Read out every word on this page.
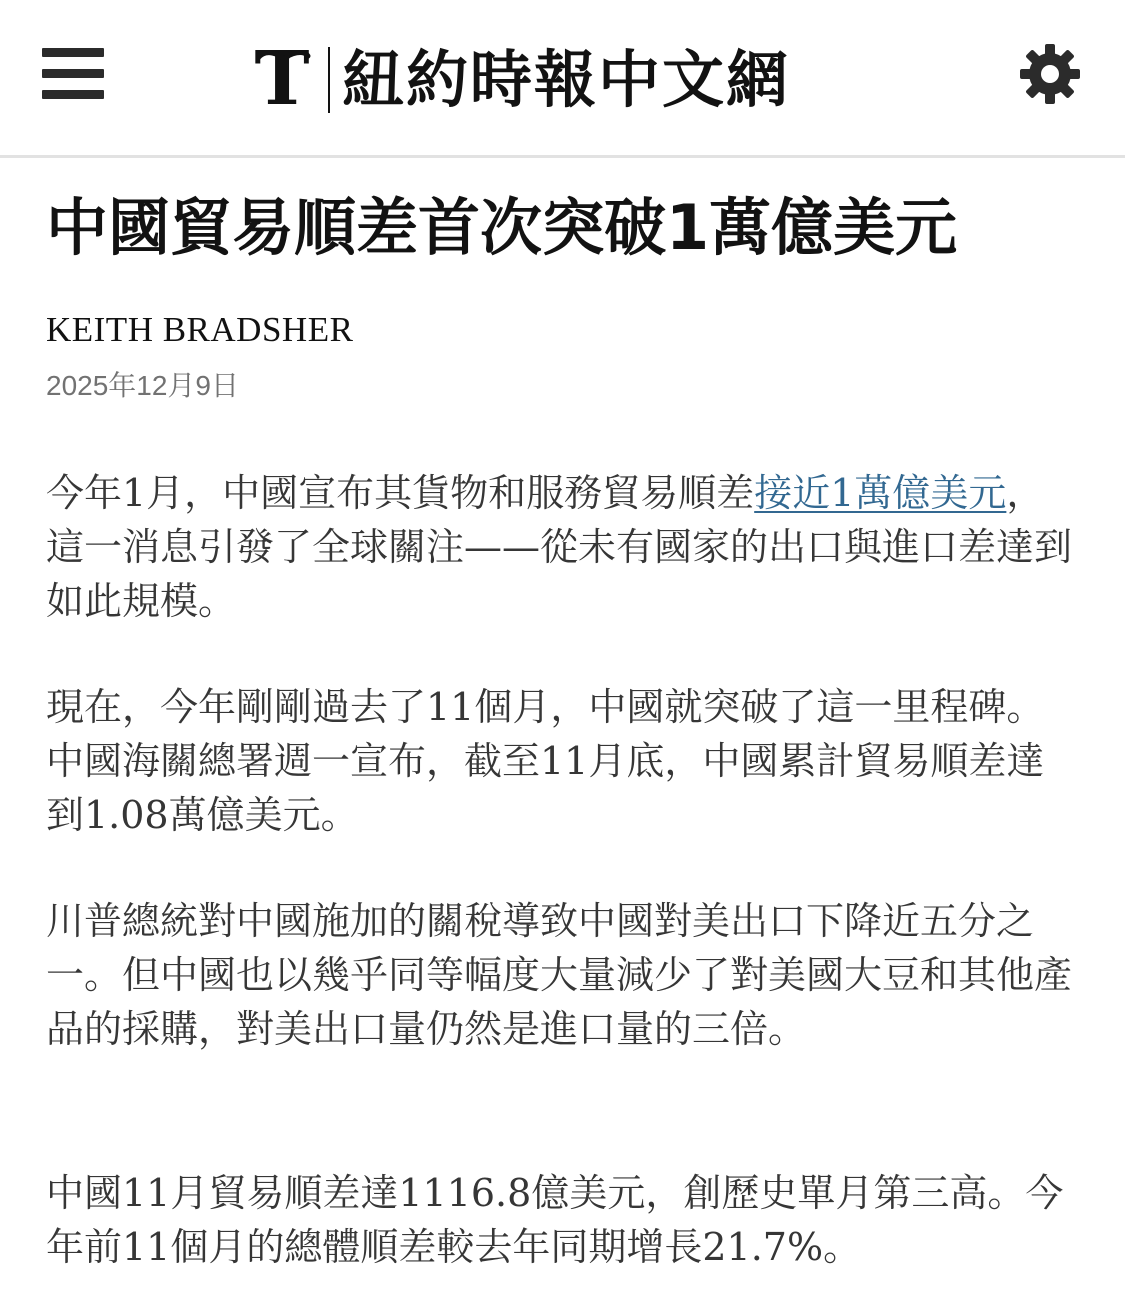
T 紐約時報中文網
中國貿易順差首次突破1萬億美元
KEITH BRADSHER
2025年12月9日

今年1月，中國宣布其貨物和服務貿易順差接近1萬億美元，這一消息引發了全球關注——從未有國家的出口與進口差達到如此規模。

現在，今年剛剛過去了11個月，中國就突破了這一里程碑。中國海關總署週一宣布，截至11月底，中國累計貿易順差達到1.08萬億美元。

川普總統對中國施加的關稅導致中國對美出口下降近五分之一。但中國也以幾乎同等幅度大量減少了對美國大豆和其他產品的採購，對美出口量仍然是進口量的三倍。

中國11月貿易順差達1116.8億美元，創歷史單月第三高。今年前11個月的總體順差較去年同期增長21.7%。
